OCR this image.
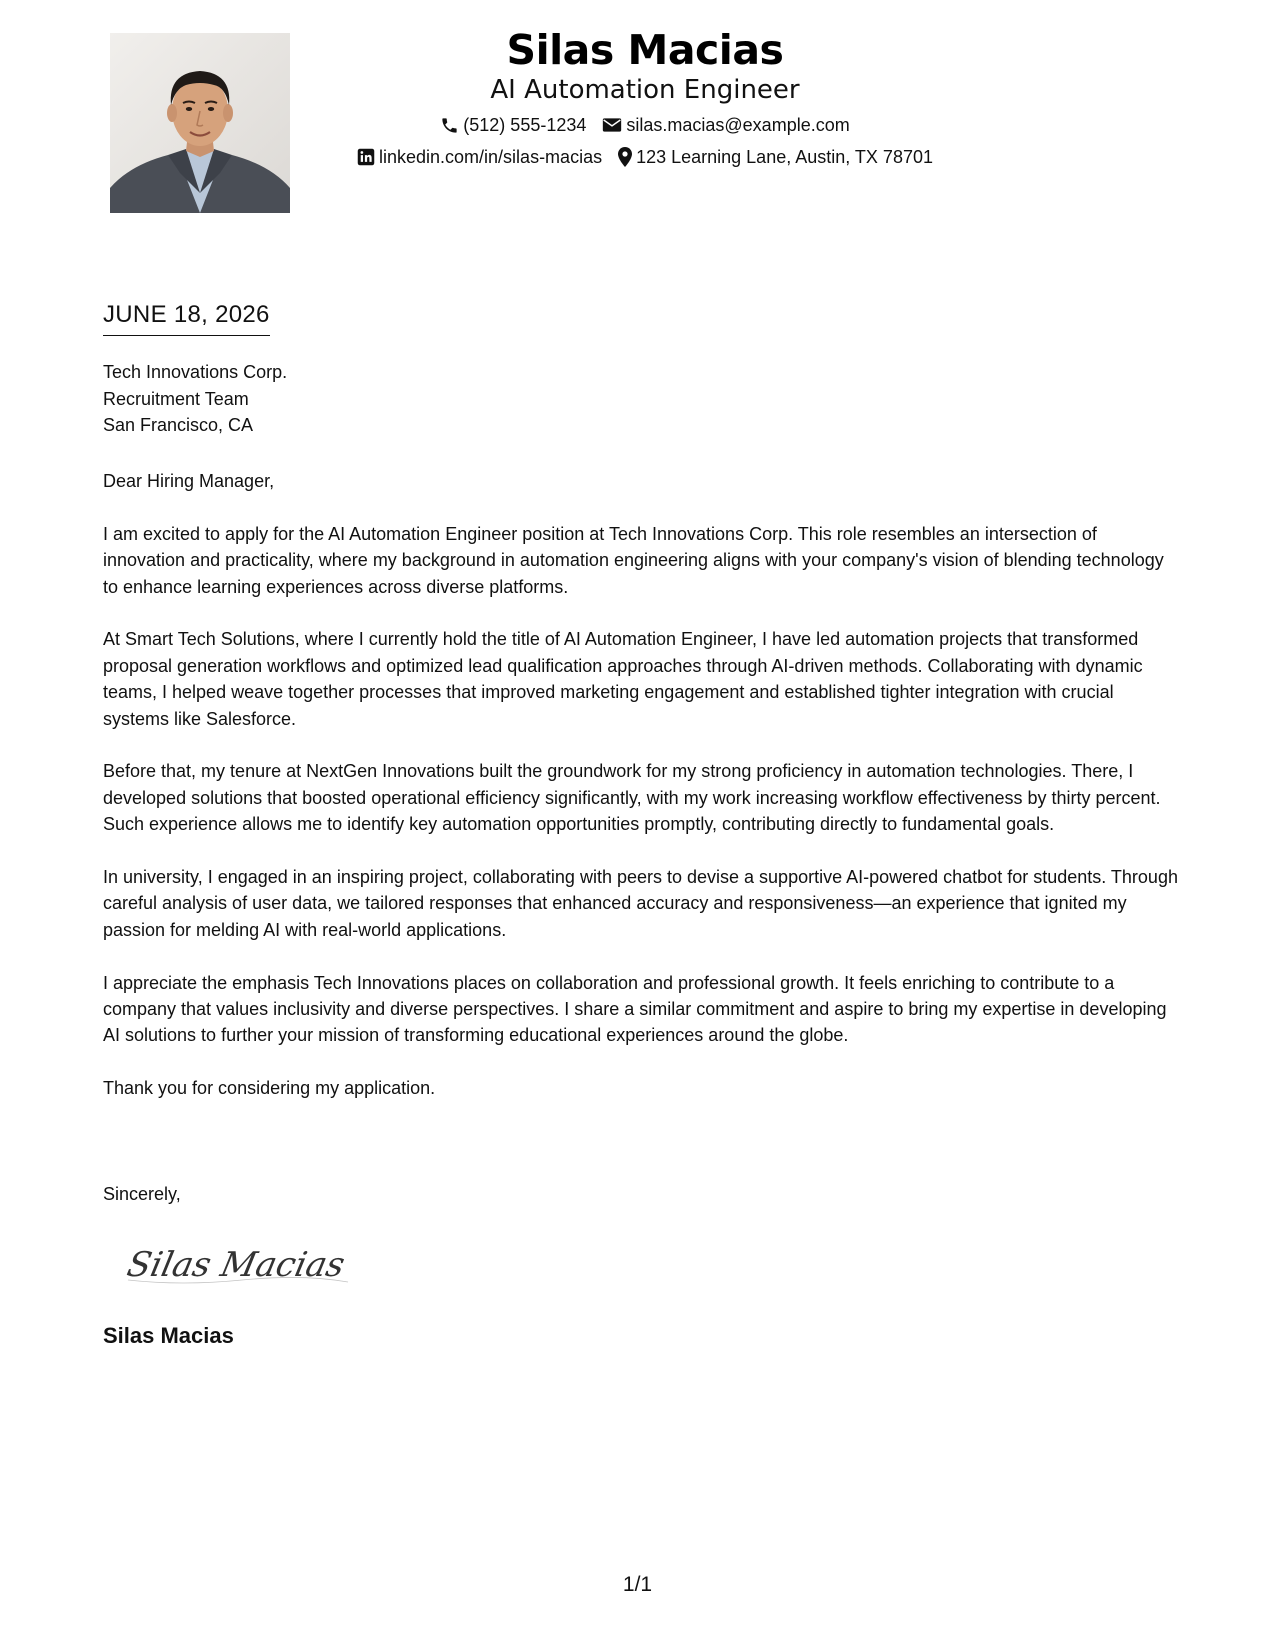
Silas Macias
AI Automation Engineer
(512) 555-1234 silas.macias@example.com
linkedin.com/in/silas-macias 123 Learning Lane, Austin, TX 78701
JUNE 18, 2026
Tech Innovations Corp.
Recruitment Team
San Francisco, CA

Dear Hiring Manager,

I am excited to apply for the AI Automation Engineer position at Tech Innovations Corp. This role resembles an intersection of innovation and practicality, where my background in automation engineering aligns with your company's vision of blending technology to enhance learning experiences across diverse platforms.

At Smart Tech Solutions, where I currently hold the title of AI Automation Engineer, I have led automation projects that transformed proposal generation workflows and optimized lead qualification approaches through AI-driven methods. Collaborating with dynamic teams, I helped weave together processes that improved marketing engagement and established tighter integration with crucial systems like Salesforce.

Before that, my tenure at NextGen Innovations built the groundwork for my strong proficiency in automation technologies. There, I developed solutions that boosted operational efficiency significantly, with my work increasing workflow effectiveness by thirty percent. Such experience allows me to identify key automation opportunities promptly, contributing directly to fundamental goals.

In university, I engaged in an inspiring project, collaborating with peers to devise a supportive AI-powered chatbot for students. Through careful analysis of user data, we tailored responses that enhanced accuracy and responsiveness—an experience that ignited my passion for melding AI with real-world applications.

I appreciate the emphasis Tech Innovations places on collaboration and professional growth. It feels enriching to contribute to a company that values inclusivity and diverse perspectives. I share a similar commitment and aspire to bring my expertise in developing AI solutions to further your mission of transforming educational experiences around the globe.

Thank you for considering my application.

Sincerely,
Silas Macias
Silas Macias
1/1
